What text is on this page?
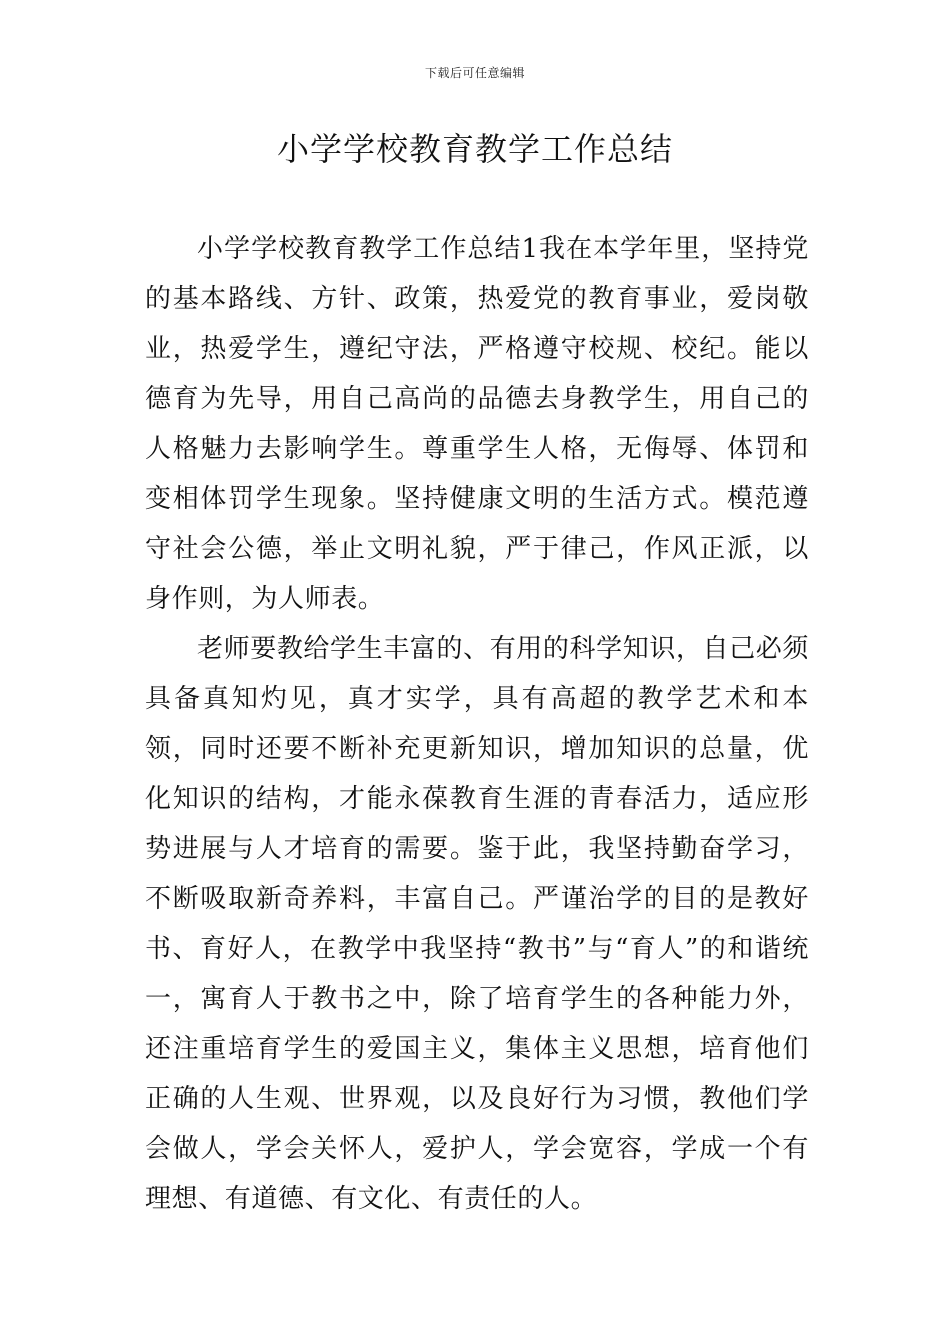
下载后可任意编辑
小学学校教育教学工作总结

小学学校教育教学工作总结1我在本学年里，坚持党的基本路线、方针、政策，热爱党的教育事业，爱岗敬业，热爱学生，遵纪守法，严格遵守校规、校纪。能以德育为先导，用自己高尚的品德去身教学生，用自己的人格魅力去影响学生。尊重学生人格，无侮辱、体罚和变相体罚学生现象。坚持健康文明的生活方式。模范遵守社会公德，举止文明礼貌，严于律己，作风正派，以身作则，为人师表。

老师要教给学生丰富的、有用的科学知识，自己必须具备真知灼见，真才实学，具有高超的教学艺术和本领，同时还要不断补充更新知识，增加知识的总量，优化知识的结构，才能永葆教育生涯的青春活力，适应形势进展与人才培育的需要。鉴于此，我坚持勤奋学习，不断吸取新奇养料，丰富自己。严谨治学的目的是教好书、育好人，在教学中我坚持“教书”与“育人”的和谐统一，寓育人于教书之中，除了培育学生的各种能力外，还注重培育学生的爱国主义，集体主义思想，培育他们正确的人生观、世界观，以及良好行为习惯，教他们学会做人，学会关怀人，爱护人，学会宽容，学成一个有理想、有道德、有文化、有责任的人。
